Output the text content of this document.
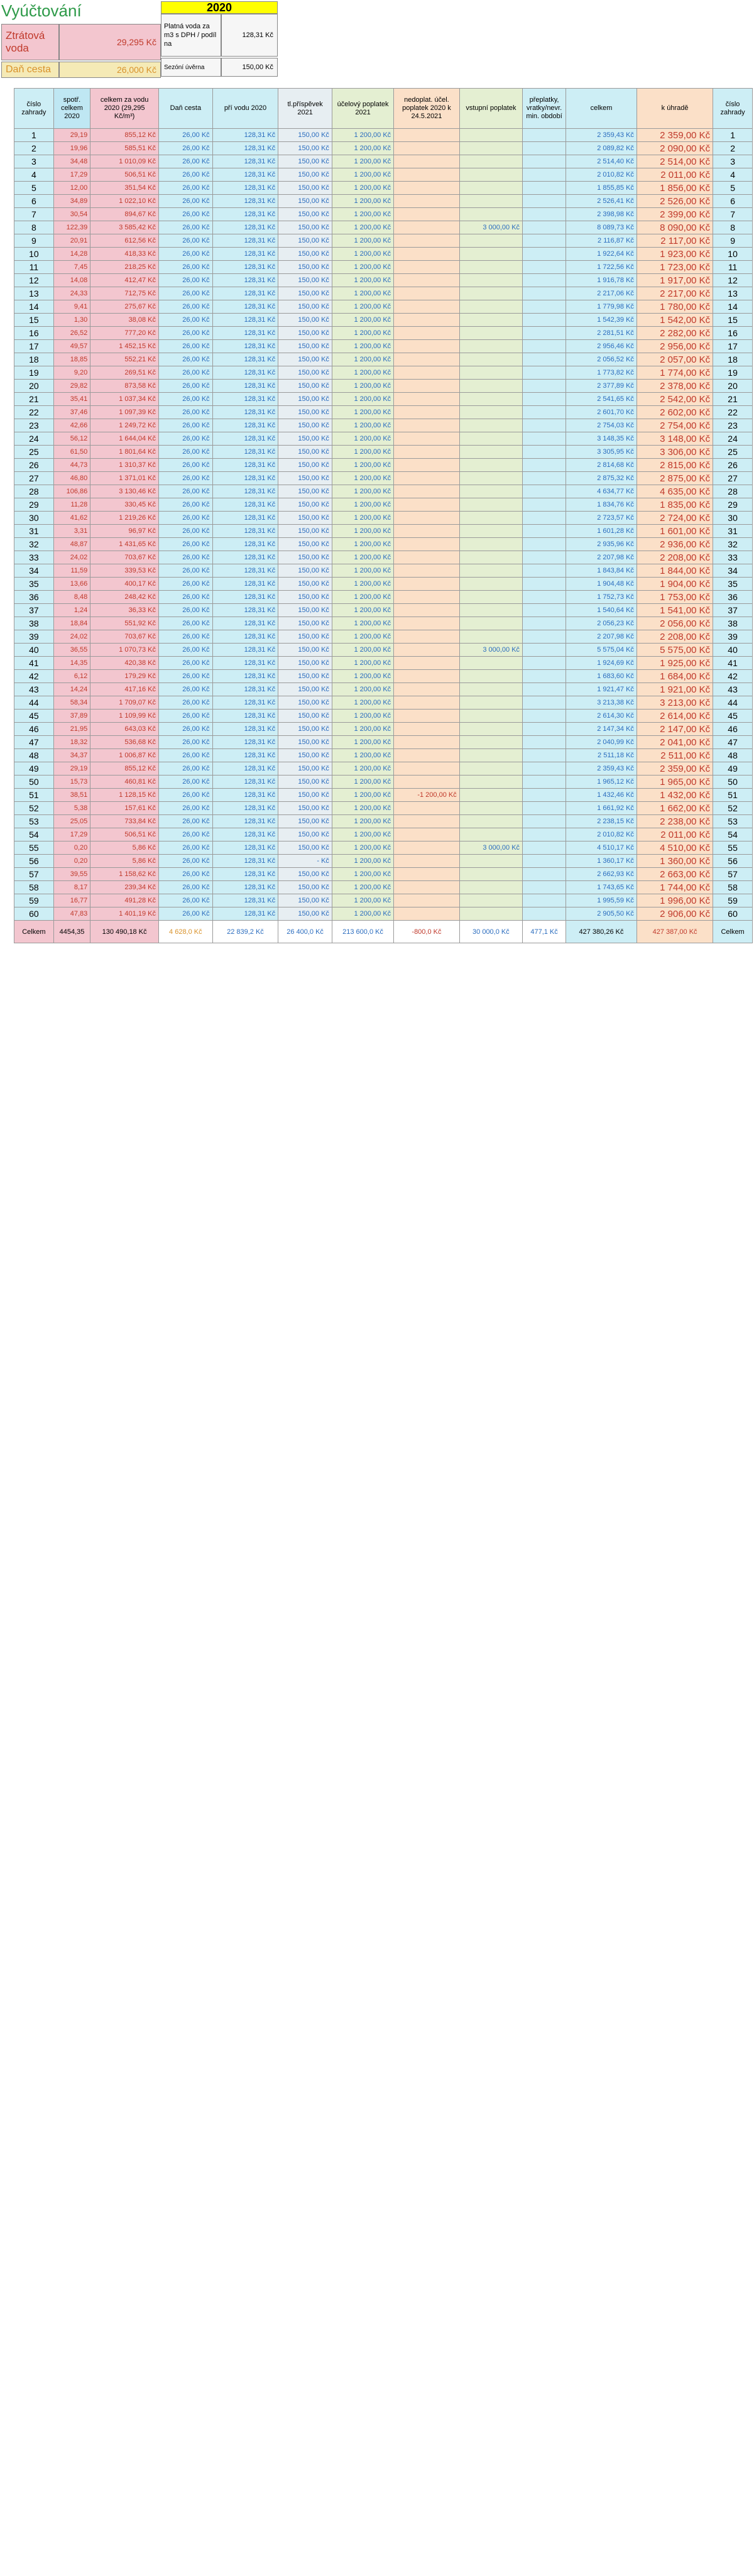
Vyúčtování	2020
Platná voda za m3 s DPH / podíl na
128,31 Kč
Ztrátová voda	29,295 Kč
Sezóní úvěrna	150,00 Kč
Daň cesta	26,000 Kč
číslo zahrady	spotř. celkem 2020	celkem za vodu 2020 (29,295 Kč/m³)	Daň cesta	pří vodu 2020	tl.příspěvek 2021	účelový poplatek 2021	nedoplat. účel. poplatek 2020 k 24.5.2021	vstupní poplatek	přeplatky, vratky/nevr. min. období	celkem	k úhradě	číslo zahrady
1	29,19	855,12 Kč	26,00 Kč	128,31 Kč	150,00 Kč	1 200,00 Kč				2 359,43 Kč	2 359,00 Kč	1
2	19,96	585,51 Kč	26,00 Kč	128,31 Kč	150,00 Kč	1 200,00 Kč				2 089,82 Kč	2 090,00 Kč	2
3	34,48	1 010,09 Kč	26,00 Kč	128,31 Kč	150,00 Kč	1 200,00 Kč				2 514,40 Kč	2 514,00 Kč	3
4	17,29	506,51 Kč	26,00 Kč	128,31 Kč	150,00 Kč	1 200,00 Kč				2 010,82 Kč	2 011,00 Kč	4
5	12,00	351,54 Kč	26,00 Kč	128,31 Kč	150,00 Kč	1 200,00 Kč				1 855,85 Kč	1 856,00 Kč	5
6	34,89	1 022,10 Kč	26,00 Kč	128,31 Kč	150,00 Kč	1 200,00 Kč				2 526,41 Kč	2 526,00 Kč	6
7	30,54	894,67 Kč	26,00 Kč	128,31 Kč	150,00 Kč	1 200,00 Kč				2 398,98 Kč	2 399,00 Kč	7
8	122,39	3 585,42 Kč	26,00 Kč	128,31 Kč	150,00 Kč	1 200,00 Kč		3 000,00 Kč		8 089,73 Kč	8 090,00 Kč	8
9	20,91	612,56 Kč	26,00 Kč	128,31 Kč	150,00 Kč	1 200,00 Kč				2 116,87 Kč	2 117,00 Kč	9
10	14,28	418,33 Kč	26,00 Kč	128,31 Kč	150,00 Kč	1 200,00 Kč				1 922,64 Kč	1 923,00 Kč	10
11	7,45	218,25 Kč	26,00 Kč	128,31 Kč	150,00 Kč	1 200,00 Kč				1 722,56 Kč	1 723,00 Kč	11
12	14,08	412,47 Kč	26,00 Kč	128,31 Kč	150,00 Kč	1 200,00 Kč				1 916,78 Kč	1 917,00 Kč	12
13	24,33	712,75 Kč	26,00 Kč	128,31 Kč	150,00 Kč	1 200,00 Kč				2 217,06 Kč	2 217,00 Kč	13
14	9,41	275,67 Kč	26,00 Kč	128,31 Kč	150,00 Kč	1 200,00 Kč				1 779,98 Kč	1 780,00 Kč	14
15	1,30	38,08 Kč	26,00 Kč	128,31 Kč	150,00 Kč	1 200,00 Kč				1 542,39 Kč	1 542,00 Kč	15
16	26,52	777,20 Kč	26,00 Kč	128,31 Kč	150,00 Kč	1 200,00 Kč				2 281,51 Kč	2 282,00 Kč	16
17	49,57	1 452,15 Kč	26,00 Kč	128,31 Kč	150,00 Kč	1 200,00 Kč				2 956,46 Kč	2 956,00 Kč	17
18	18,85	552,21 Kč	26,00 Kč	128,31 Kč	150,00 Kč	1 200,00 Kč				2 056,52 Kč	2 057,00 Kč	18
19	9,20	269,51 Kč	26,00 Kč	128,31 Kč	150,00 Kč	1 200,00 Kč				1 773,82 Kč	1 774,00 Kč	19
20	29,82	873,58 Kč	26,00 Kč	128,31 Kč	150,00 Kč	1 200,00 Kč				2 377,89 Kč	2 378,00 Kč	20
21	35,41	1 037,34 Kč	26,00 Kč	128,31 Kč	150,00 Kč	1 200,00 Kč				2 541,65 Kč	2 542,00 Kč	21
22	37,46	1 097,39 Kč	26,00 Kč	128,31 Kč	150,00 Kč	1 200,00 Kč				2 601,70 Kč	2 602,00 Kč	22
23	42,66	1 249,72 Kč	26,00 Kč	128,31 Kč	150,00 Kč	1 200,00 Kč				2 754,03 Kč	2 754,00 Kč	23
24	56,12	1 644,04 Kč	26,00 Kč	128,31 Kč	150,00 Kč	1 200,00 Kč				3 148,35 Kč	3 148,00 Kč	24
25	61,50	1 801,64 Kč	26,00 Kč	128,31 Kč	150,00 Kč	1 200,00 Kč				3 305,95 Kč	3 306,00 Kč	25
26	44,73	1 310,37 Kč	26,00 Kč	128,31 Kč	150,00 Kč	1 200,00 Kč				2 814,68 Kč	2 815,00 Kč	26
27	46,80	1 371,01 Kč	26,00 Kč	128,31 Kč	150,00 Kč	1 200,00 Kč				2 875,32 Kč	2 875,00 Kč	27
28	106,86	3 130,46 Kč	26,00 Kč	128,31 Kč	150,00 Kč	1 200,00 Kč				4 634,77 Kč	4 635,00 Kč	28
29	11,28	330,45 Kč	26,00 Kč	128,31 Kč	150,00 Kč	1 200,00 Kč				1 834,76 Kč	1 835,00 Kč	29
30	41,62	1 219,26 Kč	26,00 Kč	128,31 Kč	150,00 Kč	1 200,00 Kč				2 723,57 Kč	2 724,00 Kč	30
31	3,31	96,97 Kč	26,00 Kč	128,31 Kč	150,00 Kč	1 200,00 Kč				1 601,28 Kč	1 601,00 Kč	31
32	48,87	1 431,65 Kč	26,00 Kč	128,31 Kč	150,00 Kč	1 200,00 Kč				2 935,96 Kč	2 936,00 Kč	32
33	24,02	703,67 Kč	26,00 Kč	128,31 Kč	150,00 Kč	1 200,00 Kč				2 207,98 Kč	2 208,00 Kč	33
34	11,59	339,53 Kč	26,00 Kč	128,31 Kč	150,00 Kč	1 200,00 Kč				1 843,84 Kč	1 844,00 Kč	34
35	13,66	400,17 Kč	26,00 Kč	128,31 Kč	150,00 Kč	1 200,00 Kč				1 904,48 Kč	1 904,00 Kč	35
36	8,48	248,42 Kč	26,00 Kč	128,31 Kč	150,00 Kč	1 200,00 Kč				1 752,73 Kč	1 753,00 Kč	36
37	1,24	36,33 Kč	26,00 Kč	128,31 Kč	150,00 Kč	1 200,00 Kč				1 540,64 Kč	1 541,00 Kč	37
38	18,84	551,92 Kč	26,00 Kč	128,31 Kč	150,00 Kč	1 200,00 Kč				2 056,23 Kč	2 056,00 Kč	38
39	24,02	703,67 Kč	26,00 Kč	128,31 Kč	150,00 Kč	1 200,00 Kč				2 207,98 Kč	2 208,00 Kč	39
40	36,55	1 070,73 Kč	26,00 Kč	128,31 Kč	150,00 Kč	1 200,00 Kč		3 000,00 Kč		5 575,04 Kč	5 575,00 Kč	40
41	14,35	420,38 Kč	26,00 Kč	128,31 Kč	150,00 Kč	1 200,00 Kč				1 924,69 Kč	1 925,00 Kč	41
42	6,12	179,29 Kč	26,00 Kč	128,31 Kč	150,00 Kč	1 200,00 Kč				1 683,60 Kč	1 684,00 Kč	42
43	14,24	417,16 Kč	26,00 Kč	128,31 Kč	150,00 Kč	1 200,00 Kč				1 921,47 Kč	1 921,00 Kč	43
44	58,34	1 709,07 Kč	26,00 Kč	128,31 Kč	150,00 Kč	1 200,00 Kč				3 213,38 Kč	3 213,00 Kč	44
45	37,89	1 109,99 Kč	26,00 Kč	128,31 Kč	150,00 Kč	1 200,00 Kč				2 614,30 Kč	2 614,00 Kč	45
46	21,95	643,03 Kč	26,00 Kč	128,31 Kč	150,00 Kč	1 200,00 Kč				2 147,34 Kč	2 147,00 Kč	46
47	18,32	536,68 Kč	26,00 Kč	128,31 Kč	150,00 Kč	1 200,00 Kč				2 040,99 Kč	2 041,00 Kč	47
48	34,37	1 006,87 Kč	26,00 Kč	128,31 Kč	150,00 Kč	1 200,00 Kč				2 511,18 Kč	2 511,00 Kč	48
49	29,19	855,12 Kč	26,00 Kč	128,31 Kč	150,00 Kč	1 200,00 Kč				2 359,43 Kč	2 359,00 Kč	49
50	15,73	460,81 Kč	26,00 Kč	128,31 Kč	150,00 Kč	1 200,00 Kč				1 965,12 Kč	1 965,00 Kč	50
51	38,51	1 128,15 Kč	26,00 Kč	128,31 Kč	150,00 Kč	1 200,00 Kč	-1 200,00 Kč			1 432,46 Kč	1 432,00 Kč	51
52	5,38	157,61 Kč	26,00 Kč	128,31 Kč	150,00 Kč	1 200,00 Kč				1 661,92 Kč	1 662,00 Kč	52
53	25,05	733,84 Kč	26,00 Kč	128,31 Kč	150,00 Kč	1 200,00 Kč				2 238,15 Kč	2 238,00 Kč	53
54	17,29	506,51 Kč	26,00 Kč	128,31 Kč	150,00 Kč	1 200,00 Kč				2 010,82 Kč	2 011,00 Kč	54
55	0,20	5,86 Kč	26,00 Kč	128,31 Kč	150,00 Kč	1 200,00 Kč		3 000,00 Kč		4 510,17 Kč	4 510,00 Kč	55
56	0,20	5,86 Kč	26,00 Kč	128,31 Kč	- Kč	1 200,00 Kč				1 360,17 Kč	1 360,00 Kč	56
57	39,55	1 158,62 Kč	26,00 Kč	128,31 Kč	150,00 Kč	1 200,00 Kč				2 662,93 Kč	2 663,00 Kč	57
58	8,17	239,34 Kč	26,00 Kč	128,31 Kč	150,00 Kč	1 200,00 Kč				1 743,65 Kč	1 744,00 Kč	58
59	16,77	491,28 Kč	26,00 Kč	128,31 Kč	150,00 Kč	1 200,00 Kč				1 995,59 Kč	1 996,00 Kč	59
60	47,83	1 401,19 Kč	26,00 Kč	128,31 Kč	150,00 Kč	1 200,00 Kč				2 905,50 Kč	2 906,00 Kč	60
Celkem	4454,35	130 490,18 Kč	4 628,0 Kč	22 839,2 Kč	26 400,0 Kč	213 600,0 Kč	-800,0 Kč	30 000,0 Kč	477,1 Kč	427 380,26 Kč	427 387,00 Kč	Celkem
